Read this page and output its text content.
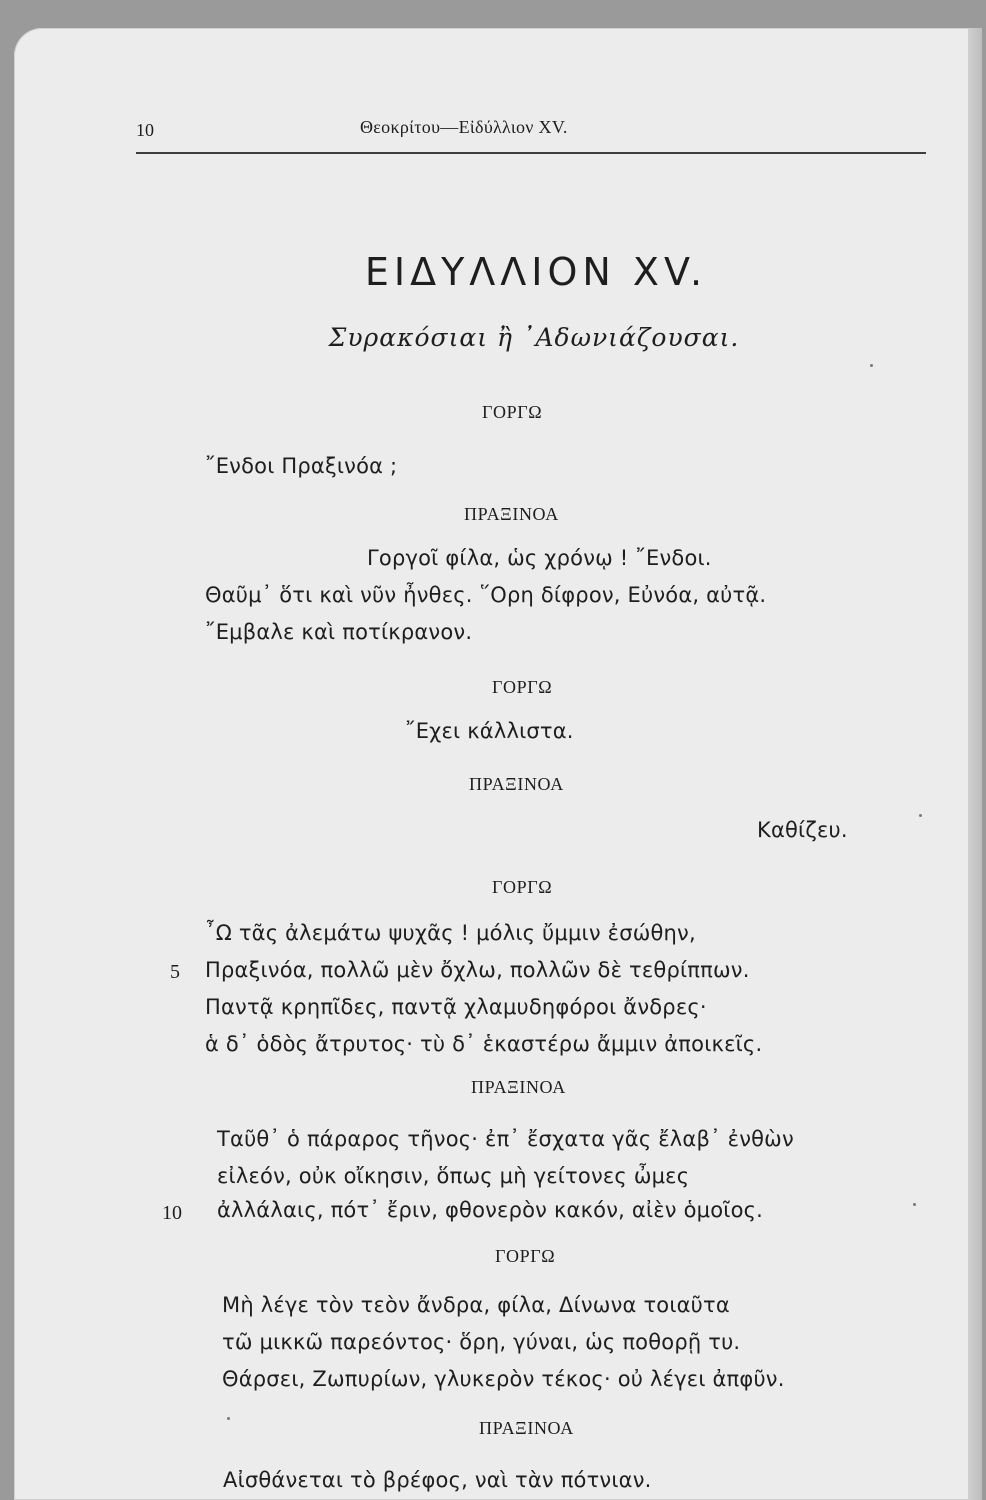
10	Θεοκρίτου—Εἰδύλλιον XV.
ΕΙΔΥΛΛΙΟΝ XV.
Συρακόσιαι ἢ ᾿Αδωνιάζουσαι.
ΓΟΡΓΩ
῎Ενδοι Πραξινόα ;
ΠΡΑΞΙΝΟΑ
Γοργοῖ φίλα, ὡς χρόνῳ ! ῎Ενδοι.
Θαῦμ᾽ ὅτι καὶ νῦν ἦνθες. ῞Ορη δίφρον, Εὐνόα, αὐτᾷ.
῎Εμβαλε καὶ ποτίκρανον.
ΓΟΡΓΩ
῎Εχει κάλλιστα.
ΠΡΑΞΙΝΟΑ
Καθίζευ.
ΓΟΡΓΩ
῏Ω τᾶς ἀλεμάτω ψυχᾶς ! μόλις ὔμμιν ἐσώθην,
5 Πραξινόα, πολλῶ μὲν ὄχλω, πολλῶν δὲ τεθρίππων.
Παντᾷ κρηπῖδες, παντᾷ χλαμυδηφόροι ἄνδρες·
ἁ δ᾽ ὁδὸς ἄτρυτος· τὺ δ᾽ ἑκαστέρω ἄμμιν ἀποικεῖς.
ΠΡΑΞΙΝΟΑ
Ταῦθ᾽ ὁ πάραρος τῆνος· ἐπ᾽ ἔσχατα γᾶς ἔλαβ᾽ ἐνθὼν
εἰλεόν, οὐκ οἴκησιν, ὅπως μὴ γείτονες ὦμες
10 ἀλλάλαις, πότ᾽ ἔριν, φθονερὸν κακόν, αἰὲν ὁμοῖος.
ΓΟΡΓΩ
Μὴ λέγε τὸν τεὸν ἄνδρα, φίλα, Δίνωνα τοιαῦτα
τῶ μικκῶ παρεόντος· ὅρη, γύναι, ὡς ποθορῇ τυ.
Θάρσει, Ζωπυρίων, γλυκερὸν τέκος· οὐ λέγει ἀπφῦν.
ΠΡΑΞΙΝΟΑ
Αἰσθάνεται τὸ βρέφος, ναὶ τὰν πότνιαν.
